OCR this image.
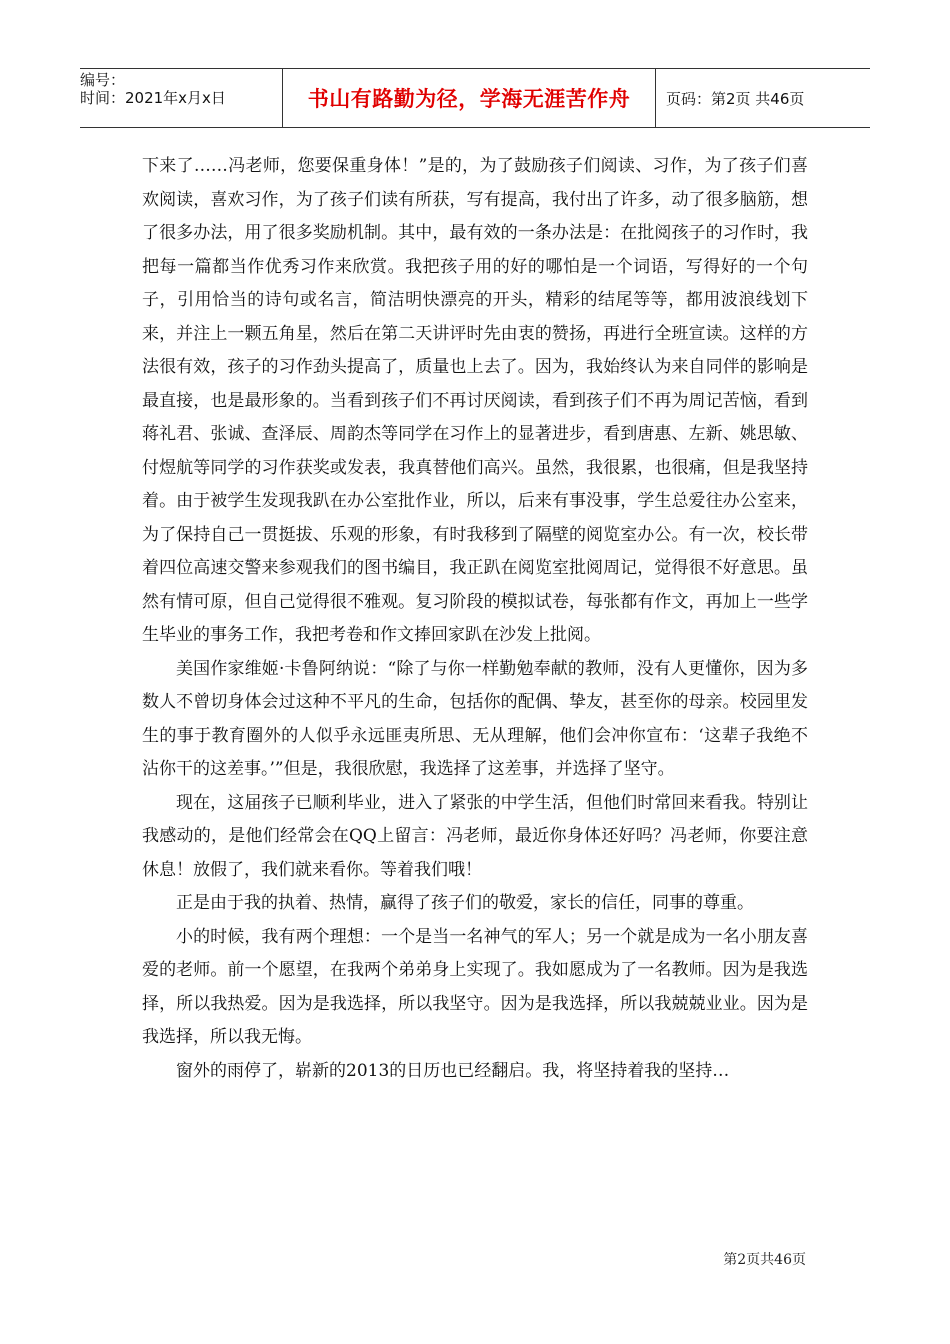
编号：
时间：2021年x月x日	书山有路勤为径，学海无涯苦作舟	页码：第2页 共46页

下来了……冯老师，您要保重身体！”是的，为了鼓励孩子们阅读、习作，为了孩子们喜欢阅读，喜欢习作，为了孩子们读有所获，写有提高，我付出了许多，动了很多脑筋，想了很多办法，用了很多奖励机制。其中，最有效的一条办法是：在批阅孩子的习作时，我把每一篇都当作优秀习作来欣赏。我把孩子用的好的哪怕是一个词语，写得好的一个句子，引用恰当的诗句或名言，简洁明快漂亮的开头，精彩的结尾等等，都用波浪线划下来，并注上一颗五角星，然后在第二天讲评时先由衷的赞扬，再进行全班宣读。这样的方法很有效，孩子的习作劲头提高了，质量也上去了。因为，我始终认为来自同伴的影响是最直接，也是最形象的。当看到孩子们不再讨厌阅读，看到孩子们不再为周记苦恼，看到蒋礼君、张诚、查泽辰、周韵杰等同学在习作上的显著进步，看到唐惠、左新、姚思敏、付煜航等同学的习作获奖或发表，我真替他们高兴。虽然，我很累，也很痛，但是我坚持着。由于被学生发现我趴在办公室批作业，所以，后来有事没事，学生总爱往办公室来，为了保持自己一贯挺拔、乐观的形象，有时我移到了隔壁的阅览室办公。有一次，校长带着四位高速交警来参观我们的图书编目，我正趴在阅览室批阅周记，觉得很不好意思。虽然有情可原，但自己觉得很不雅观。复习阶段的模拟试卷，每张都有作文，再加上一些学生毕业的事务工作，我把考卷和作文捧回家趴在沙发上批阅。

美国作家维姬·卡鲁阿纳说：“除了与你一样勤勉奉献的教师，没有人更懂你，因为多数人不曾切身体会过这种不平凡的生命，包括你的配偶、挚友，甚至你的母亲。校园里发生的事于教育圈外的人似乎永远匪夷所思、无从理解，他们会冲你宣布：‘这辈子我绝不沾你干的这差事。’”但是，我很欣慰，我选择了这差事，并选择了坚守。

现在，这届孩子已顺利毕业，进入了紧张的中学生活，但他们时常回来看我。特别让我感动的，是他们经常会在QQ上留言：冯老师，最近你身体还好吗？冯老师，你要注意休息！放假了，我们就来看你。等着我们哦！

正是由于我的执着、热情，赢得了孩子们的敬爱，家长的信任，同事的尊重。

小的时候，我有两个理想：一个是当一名神气的军人；另一个就是成为一名小朋友喜爱的老师。前一个愿望，在我两个弟弟身上实现了。我如愿成为了一名教师。因为是我选择，所以我热爱。因为是我选择，所以我坚守。因为是我选择，所以我兢兢业业。因为是我选择，所以我无悔。

窗外的雨停了，崭新的2013的日历也已经翻启。我，将坚持着我的坚持…

第2页共46页
